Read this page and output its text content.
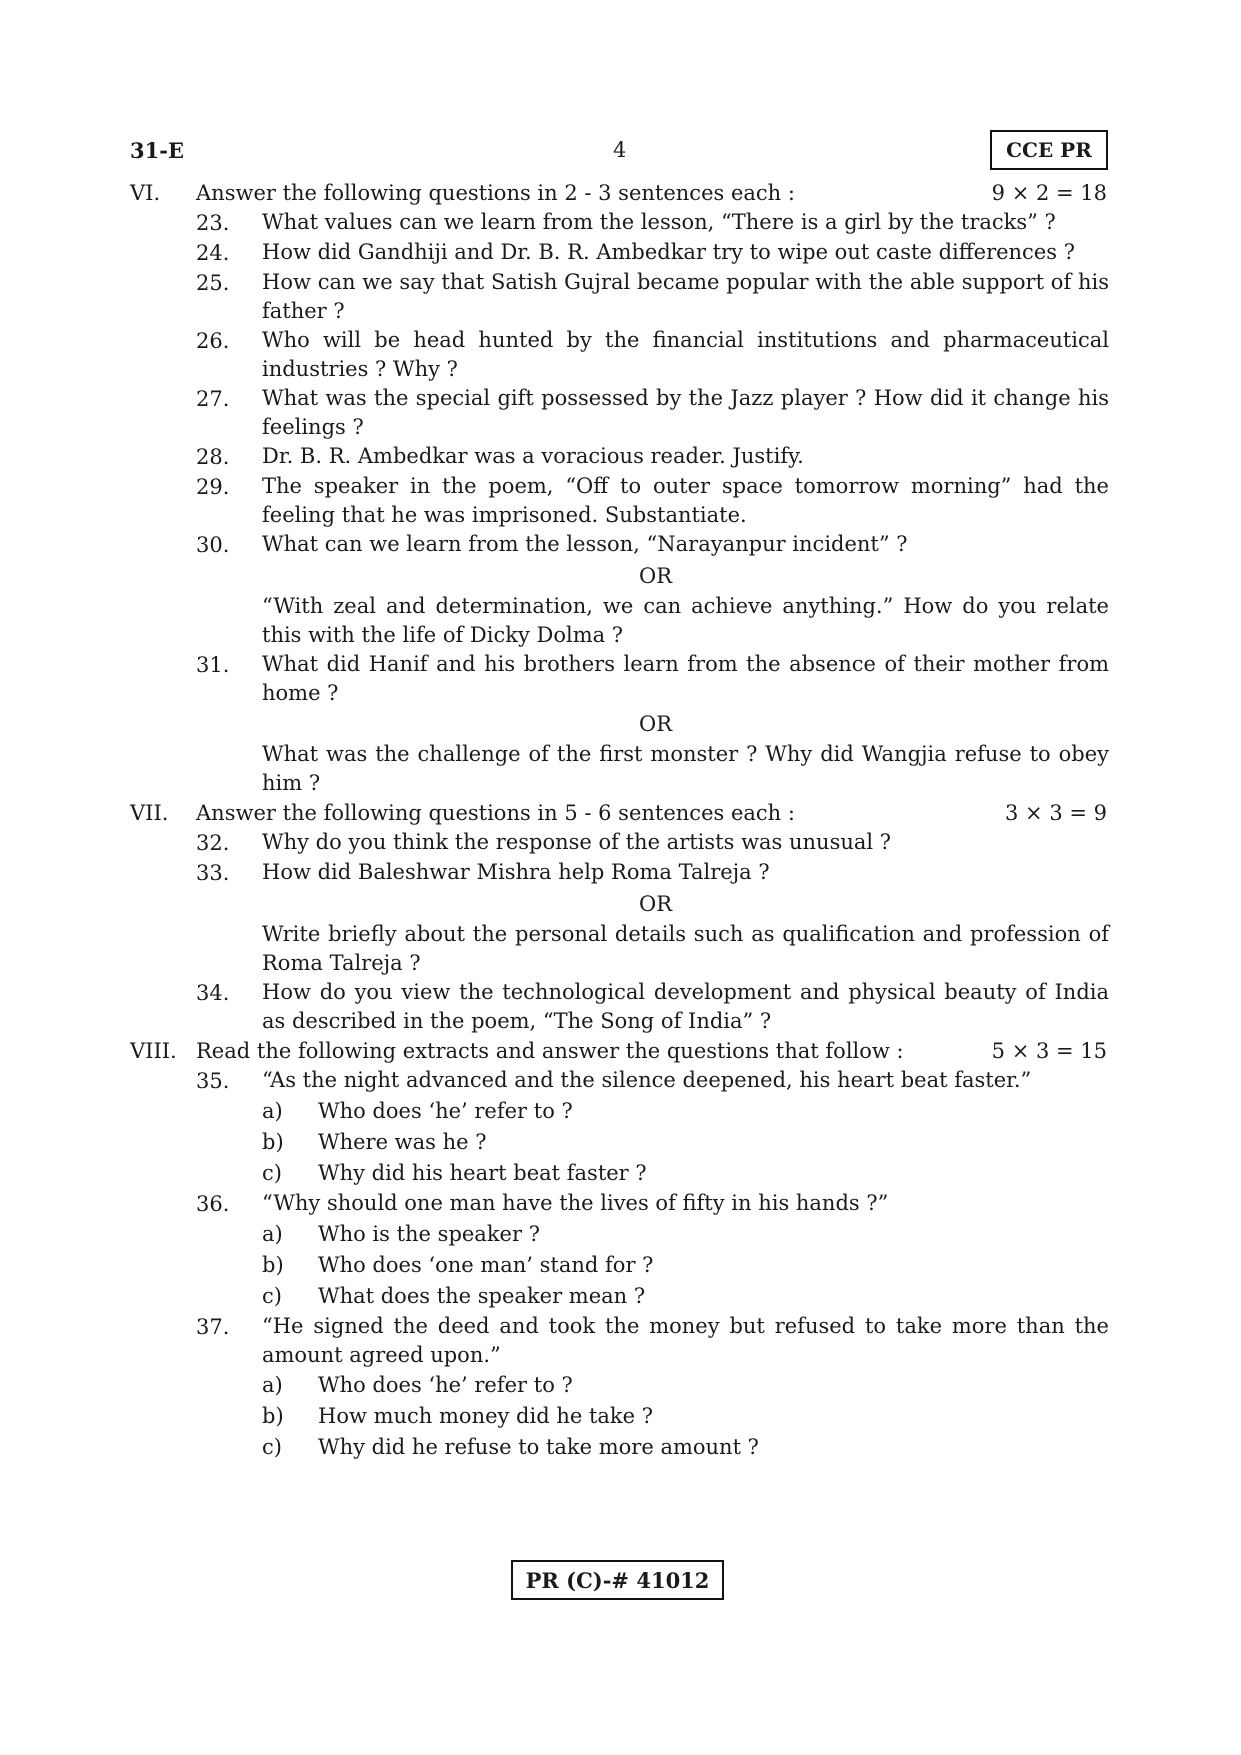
31-E	4	CCE PR
VI. Answer the following questions in 2 - 3 sentences each :	9 × 2 = 18
23. What values can we learn from the lesson, “There is a girl by the tracks” ?
24. How did Gandhiji and Dr. B. R. Ambedkar try to wipe out caste differences ?
25. How can we say that Satish Gujral became popular with the able support of his father ?
26. Who will be head hunted by the financial institutions and pharmaceutical industries ? Why ?
27. What was the special gift possessed by the Jazz player ? How did it change his feelings ?
28. Dr. B. R. Ambedkar was a voracious reader. Justify.
29. The speaker in the poem, “Off to outer space tomorrow morning” had the feeling that he was imprisoned. Substantiate.
30. What can we learn from the lesson, “Narayanpur incident” ?
OR
“With zeal and determination, we can achieve anything.” How do you relate this with the life of Dicky Dolma ?
31. What did Hanif and his brothers learn from the absence of their mother from home ?
OR
What was the challenge of the first monster ? Why did Wangjia refuse to obey him ?
VII. Answer the following questions in 5 - 6 sentences each :	3 × 3 = 9
32. Why do you think the response of the artists was unusual ?
33. How did Baleshwar Mishra help Roma Talreja ?
OR
Write briefly about the personal details such as qualification and profession of Roma Talreja ?
34. How do you view the technological development and physical beauty of India as described in the poem, “The Song of India” ?
VIII. Read the following extracts and answer the questions that follow :	5 × 3 = 15
35. “As the night advanced and the silence deepened, his heart beat faster.”
a) Who does ‘he’ refer to ?
b) Where was he ?
c) Why did his heart beat faster ?
36. “Why should one man have the lives of fifty in his hands ?”
a) Who is the speaker ?
b) Who does ‘one man’ stand for ?
c) What does the speaker mean ?
37. “He signed the deed and took the money but refused to take more than the amount agreed upon.”
a) Who does ‘he’ refer to ?
b) How much money did he take ?
c) Why did he refuse to take more amount ?
PR (C)-# 41012
